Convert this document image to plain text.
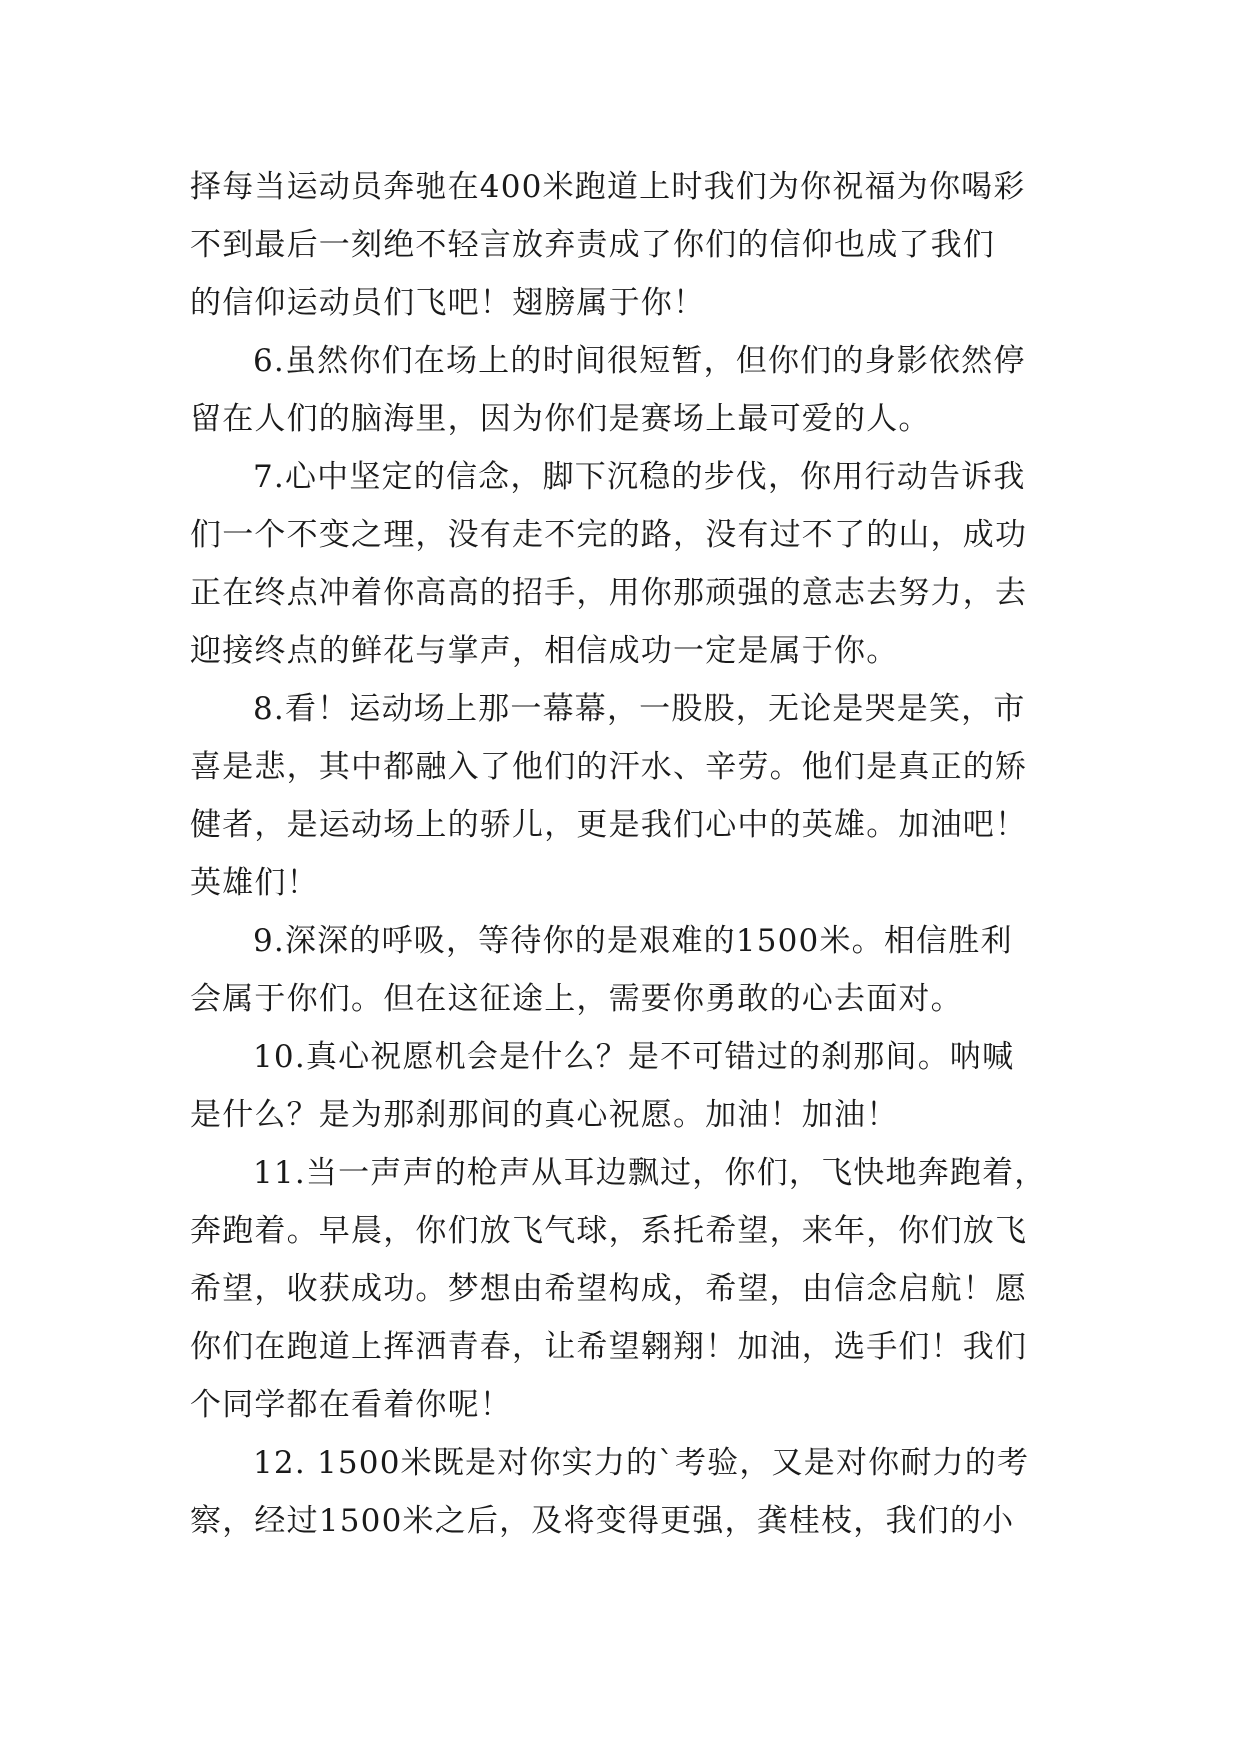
择每当运动员奔驰在400米跑道上时我们为你祝福为你喝彩
不到最后一刻绝不轻言放弃责成了你们的信仰也成了我们
的信仰运动员们飞吧！翅膀属于你！
6.虽然你们在场上的时间很短暂，但你们的身影依然停
留在人们的脑海里，因为你们是赛场上最可爱的人。
7.心中坚定的信念，脚下沉稳的步伐，你用行动告诉我
们一个不变之理，没有走不完的路，没有过不了的山，成功
正在终点冲着你高高的招手，用你那顽强的意志去努力，去
迎接终点的鲜花与掌声，相信成功一定是属于你。
8.看！运动场上那一幕幕，一股股，无论是哭是笑，市
喜是悲，其中都融入了他们的汗水、辛劳。他们是真正的矫
健者，是运动场上的骄儿，更是我们心中的英雄。加油吧！
英雄们！
9.深深的呼吸，等待你的是艰难的1500米。相信胜利
会属于你们。但在这征途上，需要你勇敢的心去面对。
10.真心祝愿机会是什么？是不可错过的刹那间。呐喊
是什么？是为那刹那间的真心祝愿。加油！加油！
11.当一声声的枪声从耳边飘过，你们，飞快地奔跑着，
奔跑着。早晨，你们放飞气球，系托希望，来年，你们放飞
希望，收获成功。梦想由希望构成，希望，由信念启航！愿
你们在跑道上挥洒青春，让希望翱翔！加油，选手们！我们
个同学都在看着你呢！
12. 1500米既是对你实力的`考验，又是对你耐力的考
察，经过1500米之后，及将变得更强，龚桂枝，我们的小
